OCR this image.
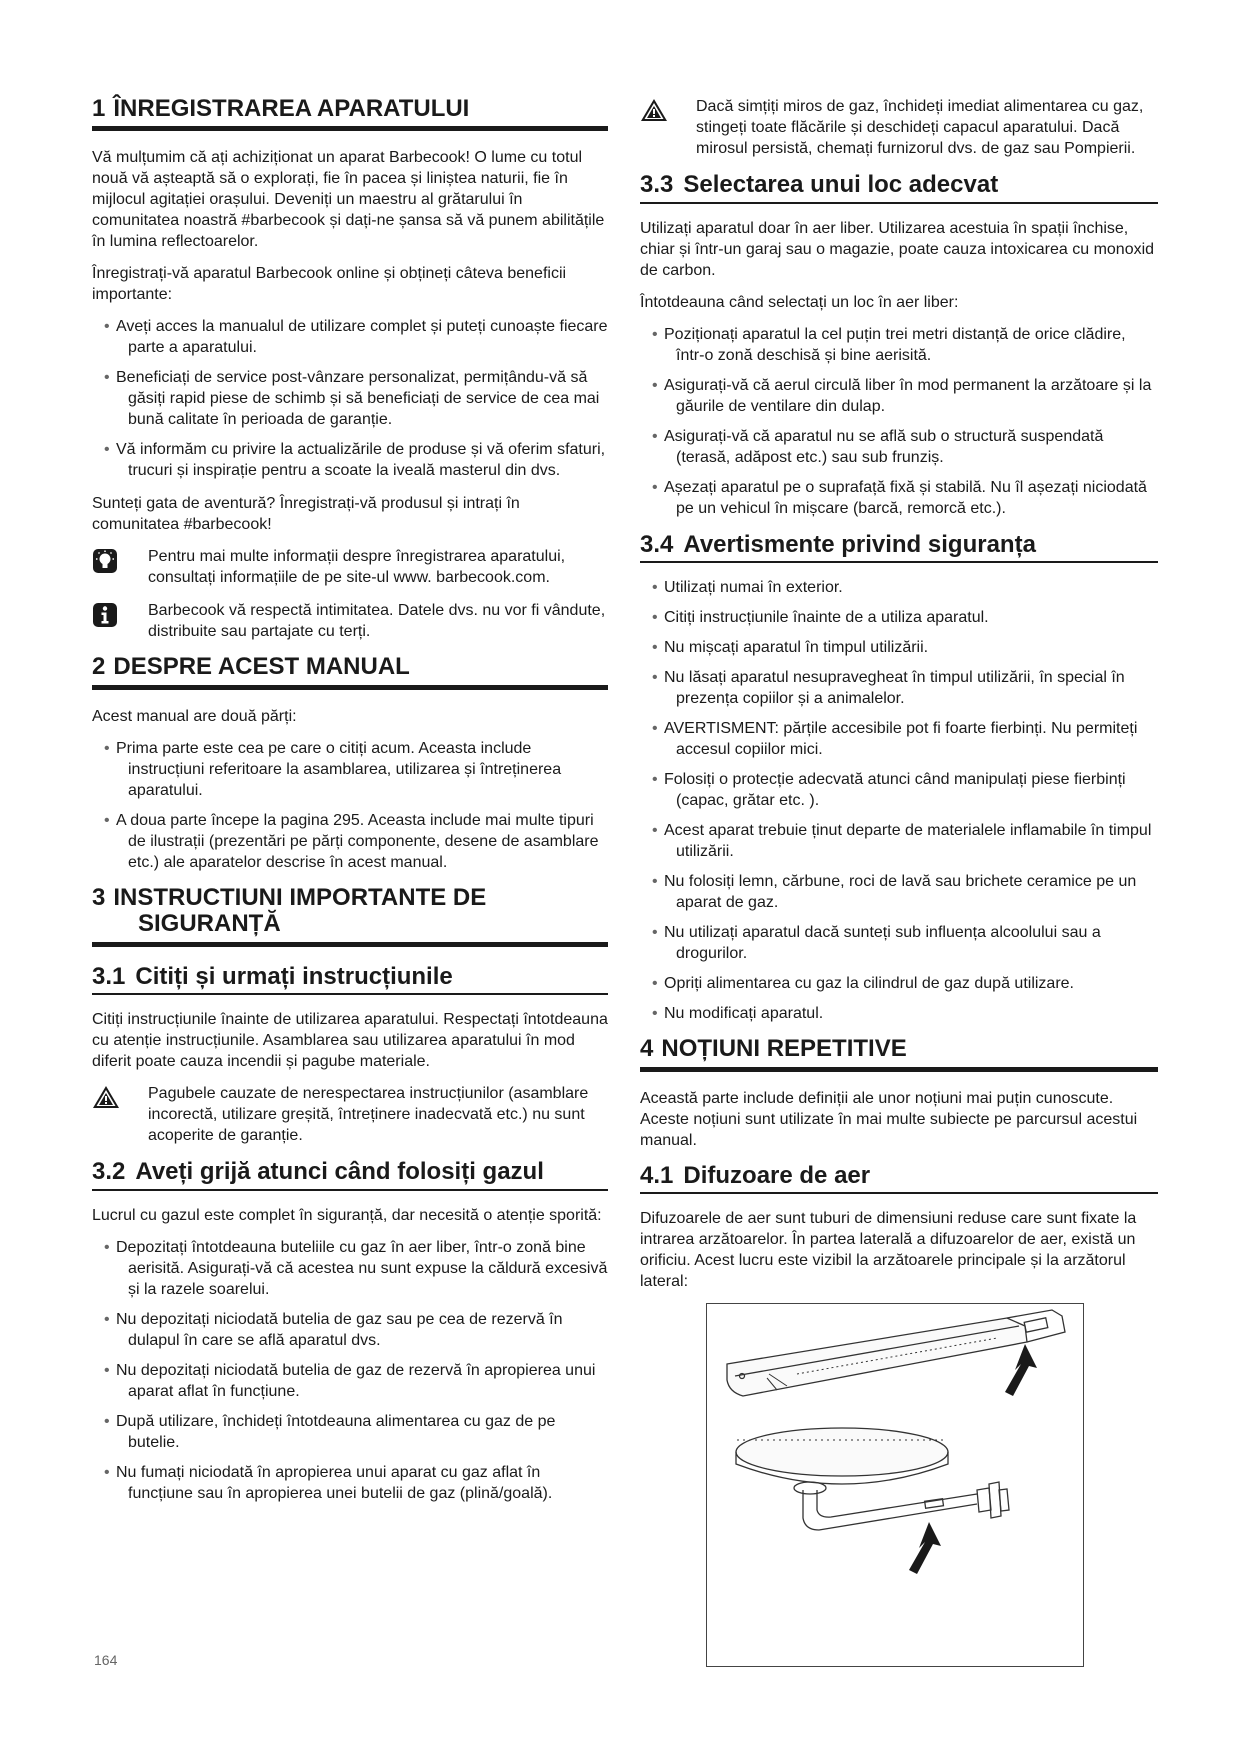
1 ÎNREGISTRAREA APARATULUI

Vă mulțumim că ați achiziționat un aparat Barbecook! O lume cu totul nouă vă așteaptă să o explorați, fie în pacea și liniștea naturii, fie în mijlocul agitației orașului. Deveniți un maestru al grătarului în comunitatea noastră #barbecook și dați-ne șansa să vă punem abilitățile în lumina reflectoarelor.

Înregistrați-vă aparatul Barbecook online și obțineți câteva beneficii importante:

• Aveți acces la manualul de utilizare complet și puteți cunoaște fiecare parte a aparatului.
• Beneficiați de service post-vânzare personalizat, permițându-vă să găsiți rapid piese de schimb și să beneficiați de service de cea mai bună calitate în perioada de garanție.
• Vă informăm cu privire la actualizările de produse și vă oferim sfaturi, trucuri și inspirație pentru a scoate la iveală masterul din dvs.

Sunteți gata de aventură? Înregistrați-vă produsul și intrați în comunitatea #barbecook!

Pentru mai multe informații despre înregistrarea aparatului, consultați informațiile de pe site-ul www. barbecook.com.
Barbecook vă respectă intimitatea. Datele dvs. nu vor fi vândute, distribuite sau partajate cu terți.
2 DESPRE ACEST MANUAL

Acest manual are două părți:

• Prima parte este cea pe care o citiți acum. Aceasta include instrucțiuni referitoare la asamblarea, utilizarea și întreținerea aparatului.
• A doua parte începe la pagina 295. Aceasta include mai multe tipuri de ilustrații (prezentări pe părți componente, desene de asamblare etc.) ale aparatelor descrise în acest manual.
3 INSTRUCTIUNI IMPORTANTE DE SIGURANȚĂ
3.1 Citiți și urmați instrucțiunile

Citiți instrucțiunile înainte de utilizarea aparatului. Respectați întotdeauna cu atenție instrucțiunile. Asamblarea sau utilizarea aparatului în mod diferit poate cauza incendii și pagube materiale.

Pagubele cauzate de nerespectarea instrucțiunilor (asamblare incorectă, utilizare greșită, întreținere inadecvată etc.) nu sunt acoperite de garanție.
3.2 Aveți grijă atunci când folosiți gazul

Lucrul cu gazul este complet în siguranță, dar necesită o atenție sporită:

• Depozitați întotdeauna buteliile cu gaz în aer liber, într-o zonă bine aerisită. Asigurați-vă că acestea nu sunt expuse la căldură excesivă și la razele soarelui.
• Nu depozitați niciodată butelia de gaz sau pe cea de rezervă în dulapul în care se află aparatul dvs.
• Nu depozitați niciodată butelia de gaz de rezervă în apropierea unui aparat aflat în funcțiune.
• După utilizare, închideți întotdeauna alimentarea cu gaz de pe butelie.
• Nu fumați niciodată în apropierea unui aparat cu gaz aflat în funcțiune sau în apropierea unei butelii de gaz (plină/goală).
Dacă simțiți miros de gaz, închideți imediat alimentarea cu gaz, stingeți toate flăcările și deschideți capacul aparatului. Dacă mirosul persistă, chemați furnizorul dvs. de gaz sau Pompierii.
3.3 Selectarea unui loc adecvat

Utilizați aparatul doar în aer liber. Utilizarea acestuia în spații închise, chiar și într-un garaj sau o magazie, poate cauza intoxicarea cu monoxid de carbon.

Întotdeauna când selectați un loc în aer liber:

• Poziționați aparatul la cel puțin trei metri distanță de orice clădire, într-o zonă deschisă și bine aerisită.
• Asigurați-vă că aerul circulă liber în mod permanent la arzătoare și la găurile de ventilare din dulap.
• Asigurați-vă că aparatul nu se află sub o structură suspendată (terasă, adăpost etc.) sau sub frunziș.
• Așezați aparatul pe o suprafață fixă și stabilă. Nu îl așezați niciodată pe un vehicul în mișcare (barcă, remorcă etc.).
3.4 Avertismente privind siguranța
• Utilizați numai în exterior.
• Citiți instrucțiunile înainte de a utiliza aparatul.
• Nu mișcați aparatul în timpul utilizării.
• Nu lăsați aparatul nesupravegheat în timpul utilizării, în special în prezența copiilor și a animalelor.
• AVERTISMENT: părțile accesibile pot fi foarte fierbinți. Nu permiteți accesul copiilor mici.
• Folosiți o protecție adecvată atunci când manipulați piese fierbinți (capac, grătar etc. ).
• Acest aparat trebuie ținut departe de materialele inflamabile în timpul utilizării.
• Nu folosiți lemn, cărbune, roci de lavă sau brichete ceramice pe un aparat de gaz.
• Nu utilizați aparatul dacă sunteți sub influența alcoolului sau a drogurilor.
• Opriți alimentarea cu gaz la cilindrul de gaz după utilizare.
• Nu modificați aparatul.
4 NOȚIUNI REPETITIVE

Această parte include definiții ale unor noțiuni mai puțin cunoscute. Aceste noțiuni sunt utilizate în mai multe subiecte pe parcursul acestui manual.

4.1 Difuzoare de aer

Difuzoarele de aer sunt tuburi de dimensiuni reduse care sunt fixate la intrarea arzătoarelor. În partea laterală a difuzoarelor de aer, există un orificiu. Acest lucru este vizibil la arzătoarele principale și la arzătorul lateral:

164
